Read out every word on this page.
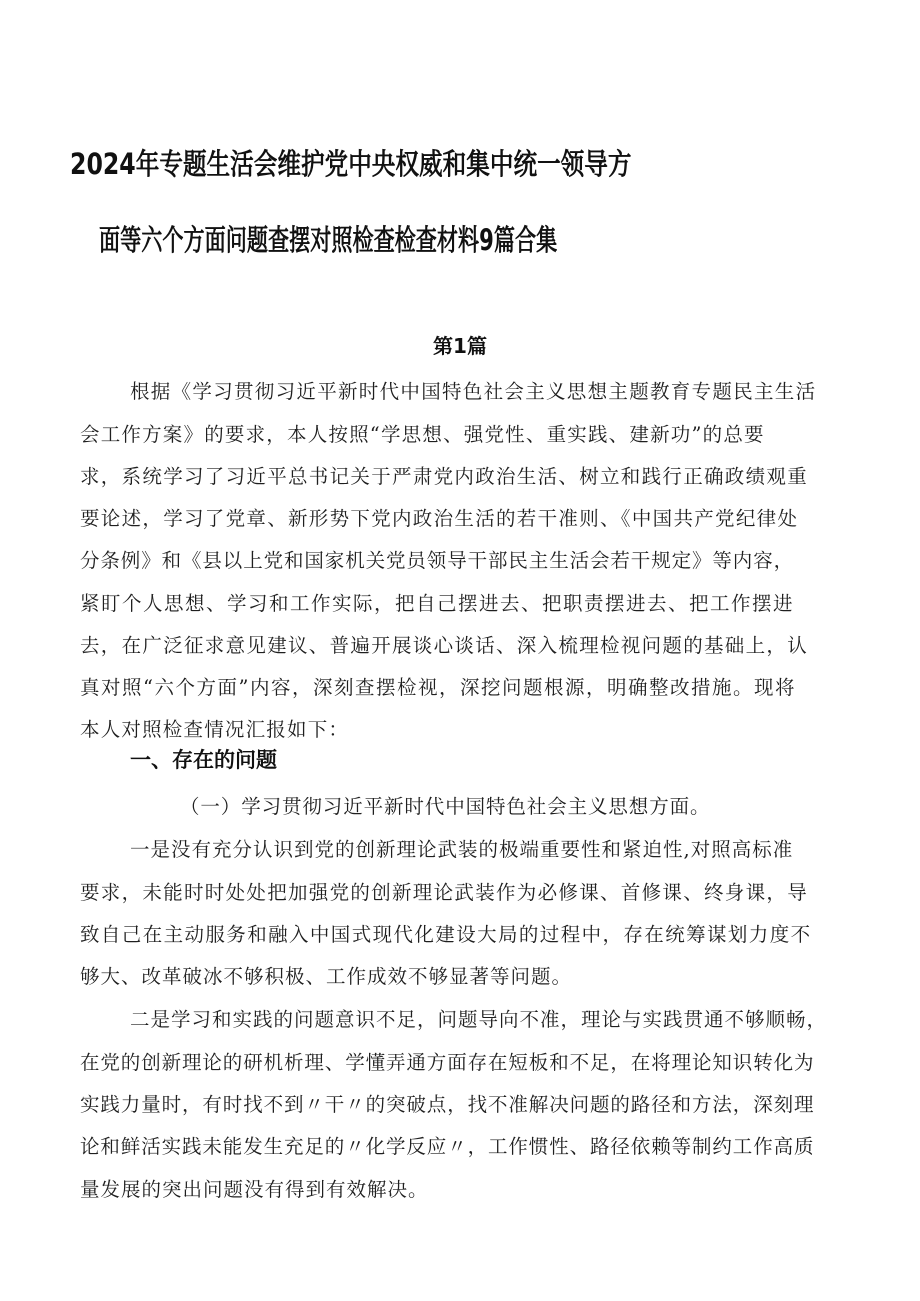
2024年专题生活会维护党中央权威和集中统一领导方
面等六个方面问题查摆对照检查检查材料9篇合集
第1篇
根据《学习贯彻习近平新时代中国特色社会主义思想主题教育专题民主生活
会工作方案》的要求，本人按照“学思想、强党性、重实践、建新功”的总要
求，系统学习了习近平总书记关于严肃党内政治生活、树立和践行正确政绩观重
要论述，学习了党章、新形势下党内政治生活的若干准则、《中国共产党纪律处
分条例》和《县以上党和国家机关党员领导干部民主生活会若干规定》等内容，
紧盯个人思想、学习和工作实际，把自己摆进去、把职责摆进去、把工作摆进
去，在广泛征求意见建议、普遍开展谈心谈话、深入梳理检视问题的基础上，认
真对照“六个方面”内容，深刻查摆检视，深挖问题根源，明确整改措施。现将
本人对照检查情况汇报如下：
一、存在的问题
（一）学习贯彻习近平新时代中国特色社会主义思想方面。
一是没有充分认识到党的创新理论武装的极端重要性和紧迫性,对照高标准
要求，未能时时处处把加强党的创新理论武装作为必修课、首修课、终身课，导
致自己在主动服务和融入中国式现代化建设大局的过程中，存在统筹谋划力度不
够大、改革破冰不够积极、工作成效不够显著等问题。
二是学习和实践的问题意识不足，问题导向不准，理论与实践贯通不够顺畅，
在党的创新理论的研机析理、学懂弄通方面存在短板和不足，在将理论知识转化为
实践力量时，有时找不到〃干〃的突破点，找不准解决问题的路径和方法，深刻理
论和鲜活实践未能发生充足的〃化学反应〃，工作惯性、路径依赖等制约工作高质
量发展的突出问题没有得到有效解决。
